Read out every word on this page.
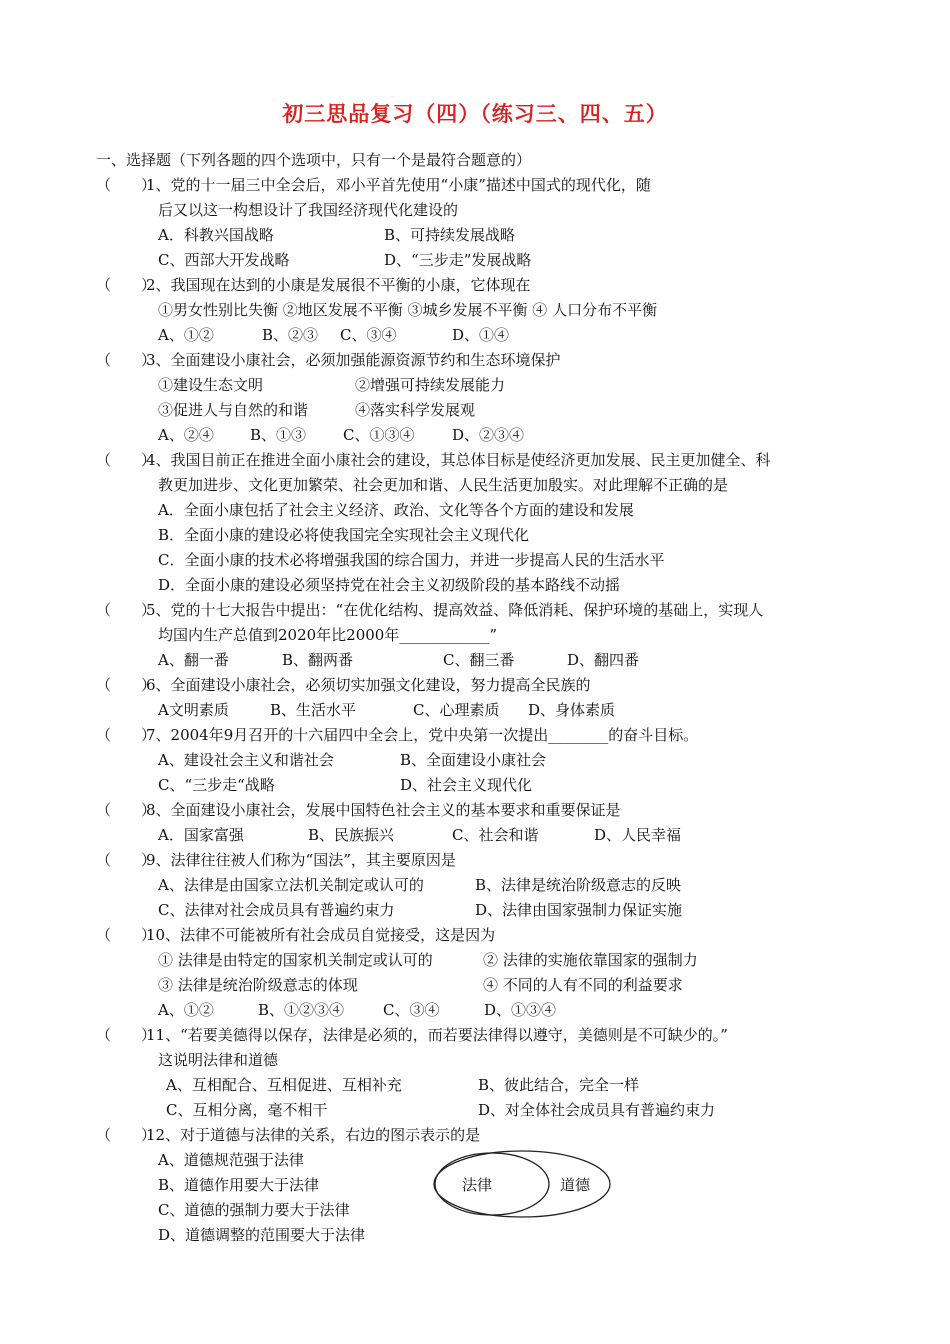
初三思品复习（四）（练习三、四、五）
一、选择题（下列各题的四个选项中，只有一个是最符合题意的）
（　　）
1、党的十一届三中全会后，邓小平首先使用“小康”描述中国式的现代化，随
后又以这一构想设计了我国经济现代化建设的
A．科教兴国战略	B、可持续发展战略
C、西部大开发战略	D、“三步走”发展战略
（　　）
2、我国现在达到的小康是发展很不平衡的小康，它体现在
①男女性别比失衡 ②地区发展不平衡 ③城乡发展不平衡 ④ 人口分布不平衡
A、①②	B、②③ C、③④	D、①④
（　　）
3、全面建设小康社会，必须加强能源资源节约和生态环境保护
①建设生态文明	②增强可持续发展能力
③促进人与自然的和谐	④落实科学发展观
A、②④ B、①③ C、①③④	D、②③④
（　　）
4、我国目前正在推进全面小康社会的建设，其总体目标是使经济更加发展、民主更加健全、科
教更加进步、文化更加繁荣、社会更加和谐、人民生活更加殷实。对此理解不正确的是
A．全面小康包括了社会主义经济、政治、文化等各个方面的建设和发展
B．全面小康的建设必将使我国完全实现社会主义现代化
C．全面小康的技术必将增强我国的综合国力，并进一步提高人民的生活水平
D．全面小康的建设必须坚持党在社会主义初级阶段的基本路线不动摇
（　　）
5、党的十七大报告中提出：“在优化结构、提高效益、降低消耗、保护环境的基础上，实现人
均国内生产总值到2020年比2000年____________”
A、翻一番	B、翻两番	C、翻三番	D、翻四番
（　　）
6、全面建设小康社会，必须切实加强文化建设，努力提高全民族的
A文明素质	B、生活水平	C、心理素质 D、身体素质
（　　）
7、2004年9月召开的十六届四中全会上，党中央第一次提出________的奋斗目标。
A、建设社会主义和谐社会	B、全面建设小康社会
C、“三步走“战略	D、社会主义现代化
（　　）
8、全面建设小康社会，发展中国特色社会主义的基本要求和重要保证是
A．国家富强	B、民族振兴	C、社会和谐	D、人民幸福
（　　）
9、法律往往被人们称为“国法”，其主要原因是
A、法律是由国家立法机关制定或认可的	B、法律是统治阶级意志的反映
C、法律对社会成员具有普遍约束力	D、法律由国家强制力保证实施
（　　）
10、法律不可能被所有社会成员自觉接受，这是因为
① 法律是由特定的国家机关制定或认可的	② 法律的实施依靠国家的强制力
③ 法律是统治阶级意志的体现	④ 不同的人有不同的利益要求
A、①②	B、①②③④	C、③④	D、①③④
（　　）
11、“若要美德得以保存，法律是必须的，而若要法律得以遵守，美德则是不可缺少的。”
这说明法律和道德
A、互相配合、互相促进、互相补充	B、彼此结合，完全一样
C、互相分离，毫不相干	D、对全体社会成员具有普遍约束力
（　　）
12、对于道德与法律的关系，右边的图示表示的是
A、道德规范强于法律
B、道德作用要大于法律
C、道德的强制力要大于法律
D、道德调整的范围要大于法律
法律	道德
